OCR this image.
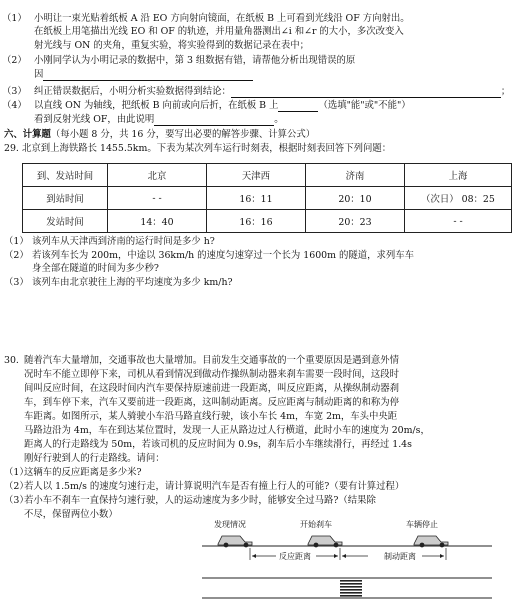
（1） 小明让一束光贴着纸板 A 沿 EO 方向射向镜面，在纸板 B 上可看到光线沿 OF 方向射出。
在纸板上用笔描出光线 EO 和 OF 的轨迹，并用量角器测出∠i 和∠r 的大小，多次改变入
射光线与 ON 的夹角，重复实验，将实验得到的数据记录在表中；
（2） 小刚同学认为小明记录的数据中，第 3 组数据有错，请帮他分析出现错误的原
因
（3） 纠正错误数据后，小明分析实验数据得到结论：	；
（4） 以直线 ON 为轴线，把纸板 B 向前或向后折，在纸板 B 上	（选填"能"或"不能"）
看到反射光线 OF，由此说明	。
六、计算题（每小题 8 分，共 16 分，要写出必要的解答步骤、计算公式）
29. 北京到上海铁路长 1455.5km。下表为某次列车运行时刻表，根据时刻表回答下列问题：
到、发站时间	北京	天津西	济南	上海
到站时间	- -	16：11	20：10	（次日） 08：25
发站时间	14：40	16：16	20：23	- -
（1） 该列车从天津西到济南的运行时间是多少 h?
（2） 若该列车长为 200m，中途以 36km/h 的速度匀速穿过一个长为 1600m 的隧道，求列车车
身全部在隧道的时间为多少秒?
（3） 该列车由北京驶往上海的平均速度为多少 km/h?
30. 随着汽车大量增加，交通事故也大量增加。目前发生交通事故的一个重要原因是遇到意外情
况时车不能立即停下来，司机从看到情况到做动作操纵制动器来刹车需要一段时间，这段时
间叫反应时间，在这段时间内汽车要保持原速前进一段距离，叫反应距离，从操纵制动器刹
车，到车停下来，汽车又要前进一段距离，这叫制动距离。反应距离与制动距离的和称为停
车距离。如图所示，某人骑驶小车沿马路直线行驶，该小车长 4m，车宽 2m，车头中央距
马路边沿为 4m，车在到达某位置时，发现一人正从路边过人行横道，此时小车的速度为 20m/s，
距离人的行走路线为 50m，若该司机的反应时间为 0.9s，刹车后小车继续滑行，再经过 1.4s
刚好行驶到人的行走路线。请问：
（1）
这辆车的反应距离是多少米?
（2）
若人以 1.5m/s 的速度匀速行走，请计算说明汽车是否有撞上行人的可能?（要有计算过程）
（3）
若小车不刹车一直保持匀速行驶，人的运动速度为多少时，能够安全过马路?（结果除
不尽，保留两位小数）
发现情况	开始刹车	车辆停止
反应距离	制动距离
